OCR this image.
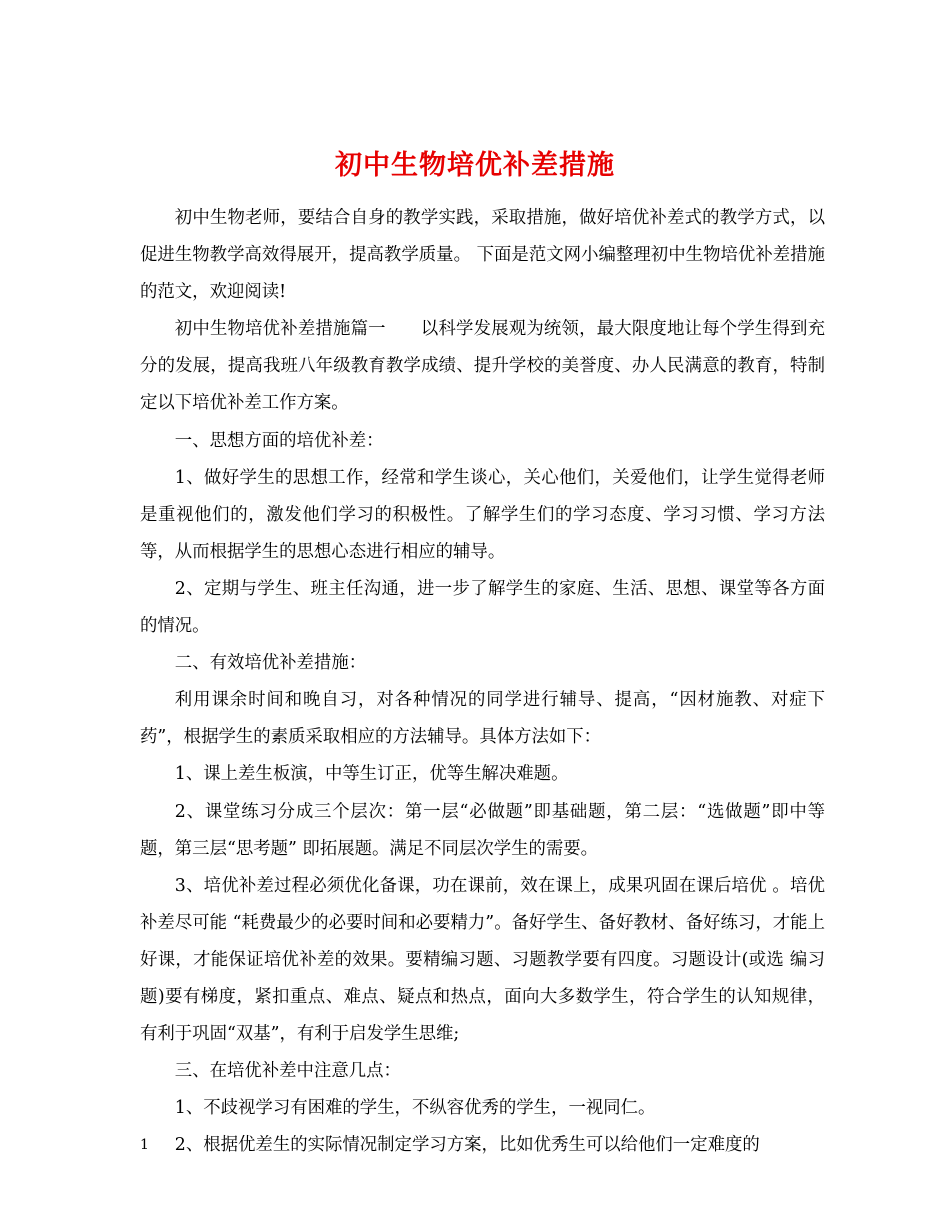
初中生物培优补差措施

初中生物老师，要结合自身的教学实践，采取措施，做好培优补差式的教学方式，以促进生物教学高效得展开，提高教学质量。 下面是范文网小编整理初中生物培优补差措施的范文，欢迎阅读!

初中生物培优补差措施篇一　　以科学发展观为统领，最大限度地让每个学生得到充分的发展，提高我班八年级教育教学成绩、提升学校的美誉度、办人民满意的教育，特制定以下培优补差工作方案。

一、思想方面的培优补差：

1、做好学生的思想工作，经常和学生谈心，关心他们，关爱他们，让学生觉得老师是重视他们的，激发他们学习的积极性。了解学生们的学习态度、学习习惯、学习方法等，从而根据学生的思想心态进行相应的辅导。

2、定期与学生、班主任沟通，进一步了解学生的家庭、生活、思想、课堂等各方面的情况。

二、有效培优补差措施：

利用课余时间和晚自习，对各种情况的同学进行辅导、提高，“因材施教、对症下药”，根据学生的素质采取相应的方法辅导。具体方法如下：

1、课上差生板演，中等生订正，优等生解决难题。

2、课堂练习分成三个层次：第一层“必做题”即基础题，第二层：“选做题”即中等题，第三层“思考题” 即拓展题。满足不同层次学生的需要。

3、培优补差过程必须优化备课，功在课前，效在课上，成果巩固在课后培优 。培优补差尽可能 “耗费最少的必要时间和必要精力”。备好学生、备好教材、备好练习，才能上好课，才能保证培优补差的效果。要精编习题、习题教学要有四度。习题设计(或选 编习题)要有梯度，紧扣重点、难点、疑点和热点，面向大多数学生，符合学生的认知规律，有利于巩固“双基”，有利于启发学生思维;

三、在培优补差中注意几点：

1、不歧视学习有困难的学生，不纵容优秀的学生，一视同仁。

2、根据优差生的实际情况制定学习方案，比如优秀生可以给他们一定难度的

1
